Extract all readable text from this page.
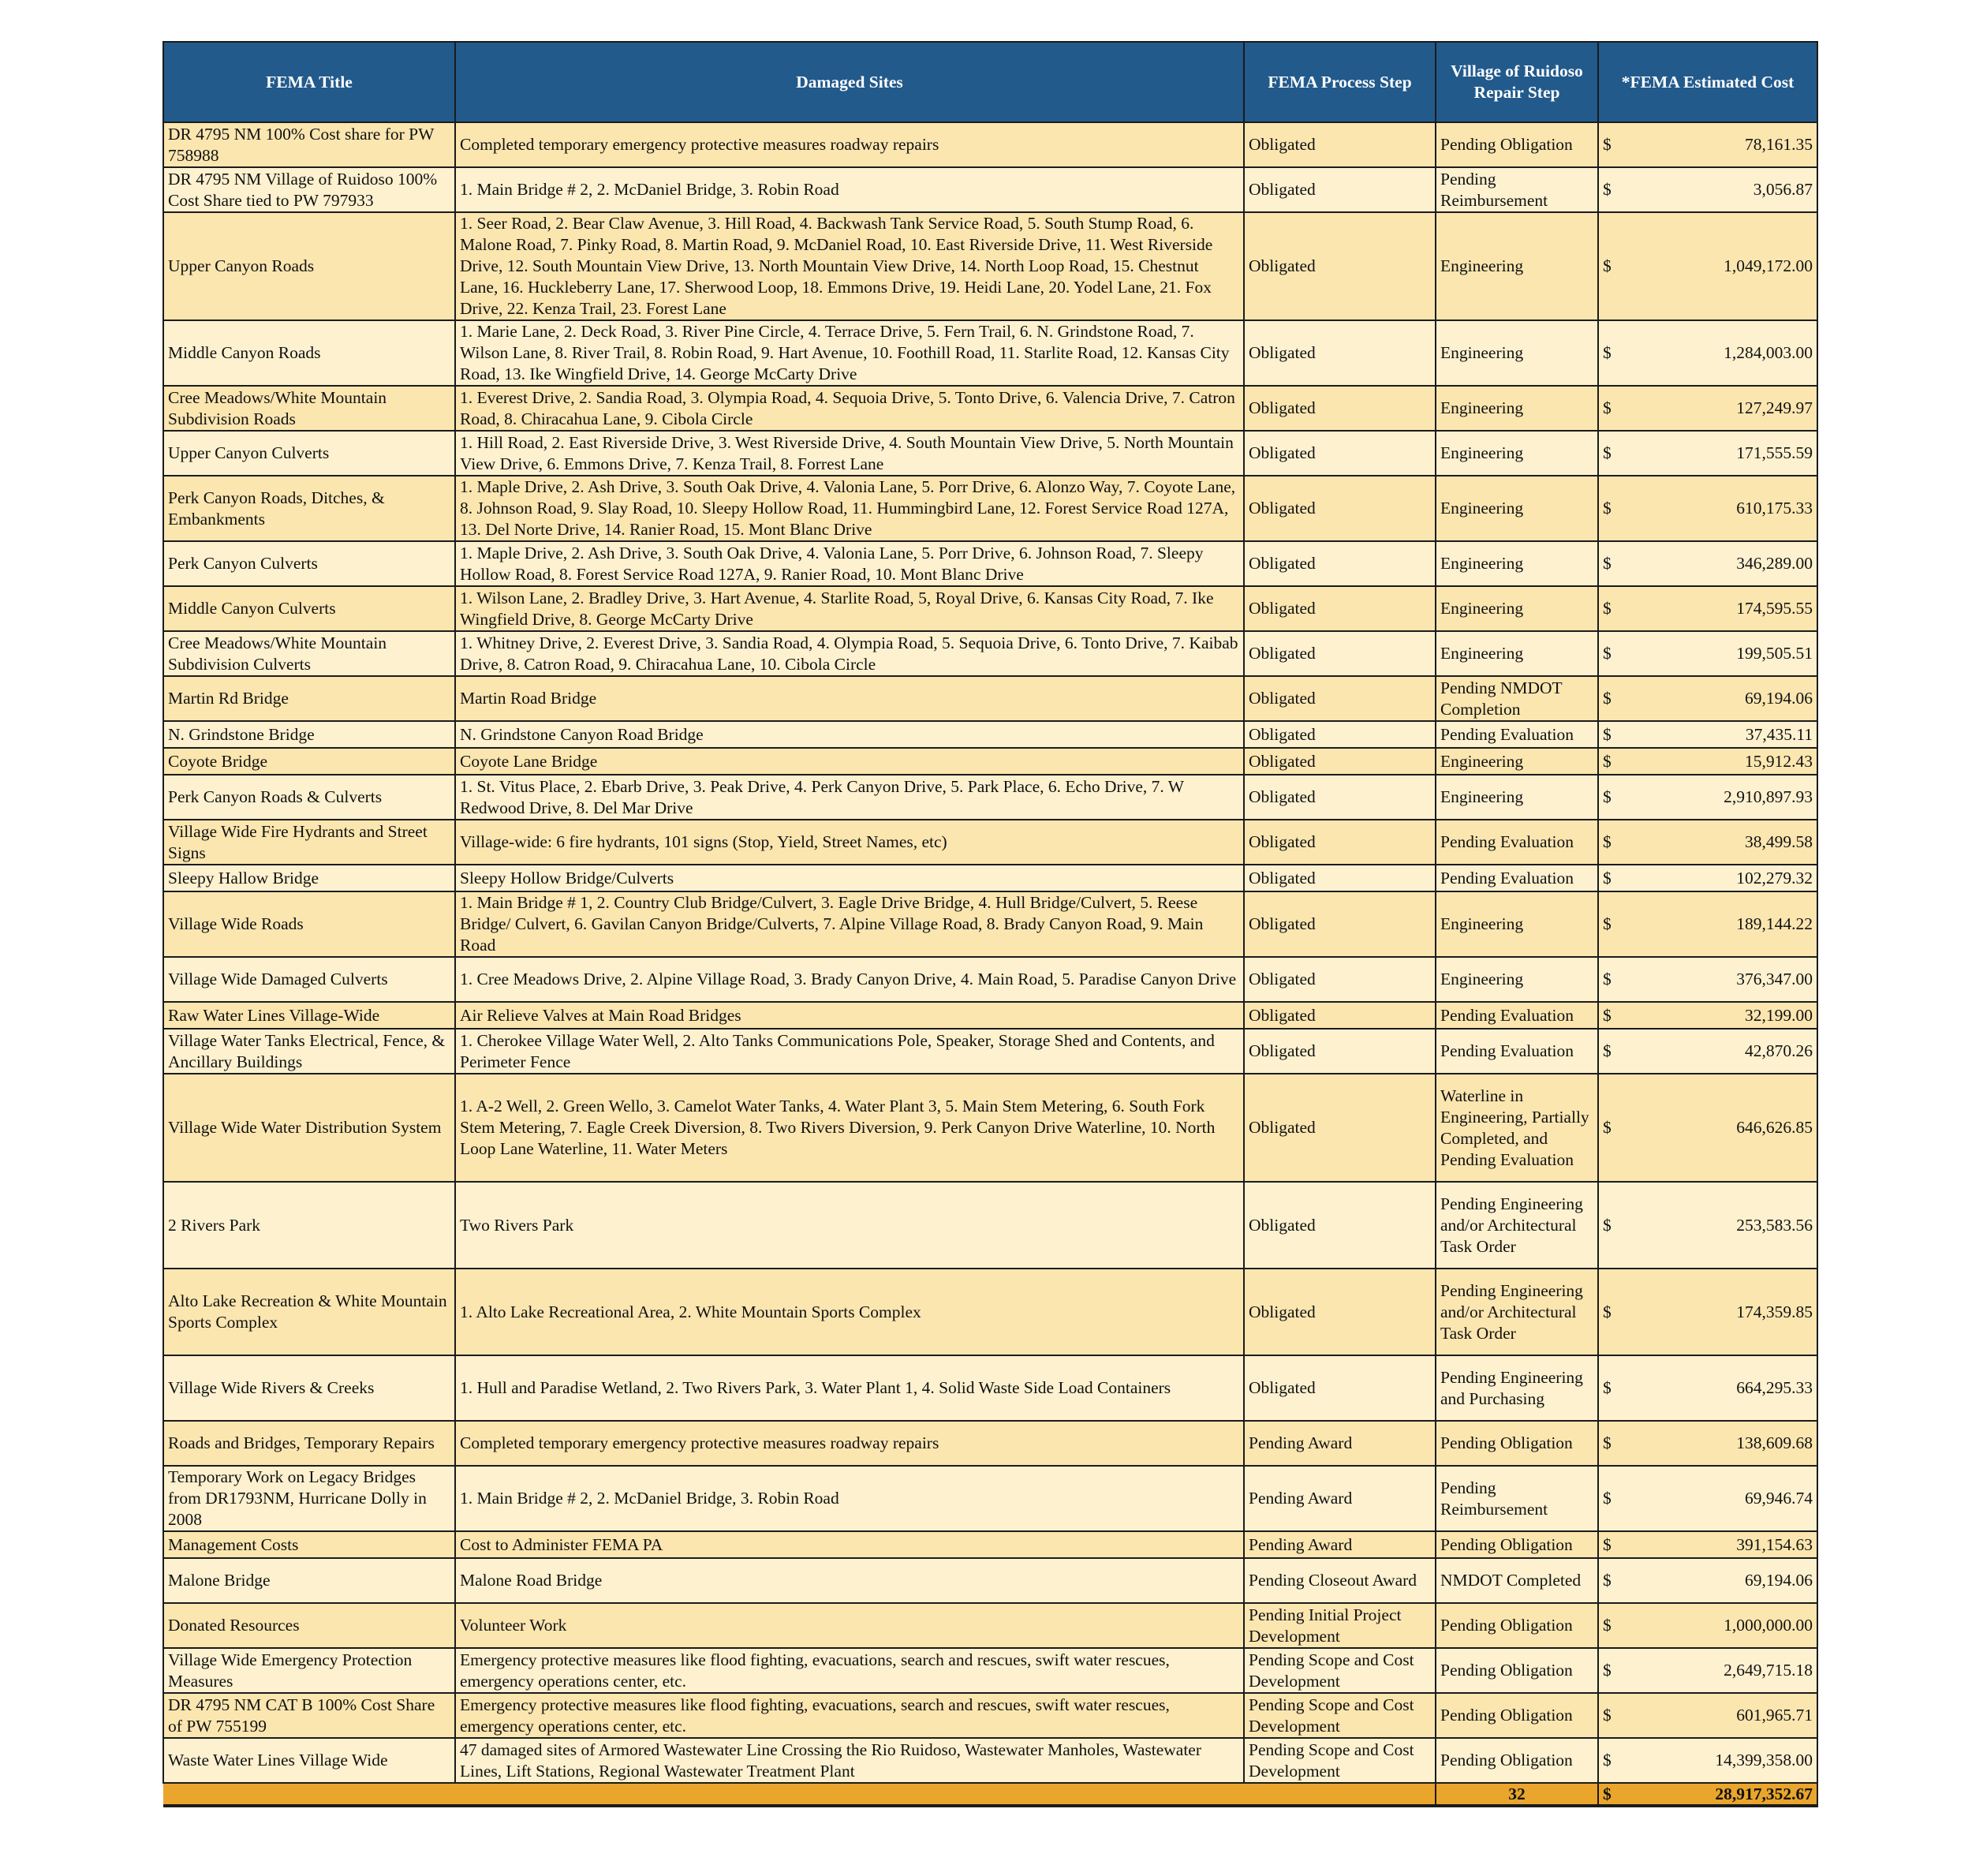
FEMA Title	Damaged Sites	FEMA Process Step	Village of Ruidoso Repair Step	*FEMA Estimated Cost	
DR 4795 NM 100% Cost share for PW 758988	Completed temporary emergency protective measures roadway repairs	Obligated	Pending Obligation	$	78,161.35
DR 4795 NM Village of Ruidoso 100% Cost Share tied to PW 797933	1. Main Bridge # 2, 2. McDaniel Bridge, 3. Robin Road	Obligated	Pending Reimbursement	$	3,056.87
Upper Canyon Roads	1. Seer Road, 2. Bear Claw Avenue, 3. Hill Road, 4. Backwash Tank Service Road, 5. South Stump Road, 6. Malone Road, 7. Pinky Road, 8. Martin Road, 9. McDaniel Road, 10. East Riverside Drive, 11. West Riverside Drive, 12. South Mountain View Drive, 13. North Mountain View Drive, 14. North Loop Road, 15. Chestnut Lane, 16. Huckleberry Lane, 17. Sherwood Loop, 18. Emmons Drive, 19. Heidi Lane, 20. Yodel Lane, 21. Fox Drive, 22. Kenza Trail, 23. Forest Lane	Obligated	Engineering	$	1,049,172.00
Middle Canyon Roads	1. Marie Lane, 2. Deck Road, 3. River Pine Circle, 4. Terrace Drive, 5. Fern Trail, 6. N. Grindstone Road, 7. Wilson Lane, 8. River Trail, 8. Robin Road, 9. Hart Avenue, 10. Foothill Road, 11. Starlite Road, 12. Kansas City Road, 13. Ike Wingfield Drive, 14. George McCarty Drive	Obligated	Engineering	$	1,284,003.00
Cree Meadows/White Mountain Subdivision Roads	1. Everest Drive, 2. Sandia Road, 3. Olympia Road, 4. Sequoia Drive, 5. Tonto Drive, 6. Valencia Drive, 7. Catron Road, 8. Chiracahua Lane, 9. Cibola Circle	Obligated	Engineering	$	127,249.97
Upper Canyon Culverts	1. Hill Road, 2. East Riverside Drive, 3. West Riverside Drive, 4. South Mountain View Drive, 5. North Mountain View Drive, 6. Emmons Drive, 7. Kenza Trail, 8. Forrest Lane	Obligated	Engineering	$	171,555.59
Perk Canyon Roads, Ditches, & Embankments	1. Maple Drive, 2. Ash Drive, 3. South Oak Drive, 4. Valonia Lane, 5. Porr Drive, 6. Alonzo Way, 7. Coyote Lane, 8. Johnson Road, 9. Slay Road, 10. Sleepy Hollow Road, 11. Hummingbird Lane, 12. Forest Service Road 127A, 13. Del Norte Drive, 14. Ranier Road, 15. Mont Blanc Drive	Obligated	Engineering	$	610,175.33
Perk Canyon Culverts	1. Maple Drive, 2. Ash Drive, 3. South Oak Drive, 4. Valonia Lane, 5. Porr Drive, 6. Johnson Road, 7. Sleepy Hollow Road, 8. Forest Service Road 127A, 9. Ranier Road, 10. Mont Blanc Drive	Obligated	Engineering	$	346,289.00
Middle Canyon Culverts	1. Wilson Lane, 2. Bradley Drive, 3. Hart Avenue, 4. Starlite Road, 5, Royal Drive, 6. Kansas City Road, 7. Ike Wingfield Drive, 8. George McCarty Drive	Obligated	Engineering	$	174,595.55
Cree Meadows/White Mountain Subdivision Culverts	1. Whitney Drive, 2. Everest Drive, 3. Sandia Road, 4. Olympia Road, 5. Sequoia Drive, 6. Tonto Drive, 7. Kaibab Drive, 8. Catron Road, 9. Chiracahua Lane, 10. Cibola Circle	Obligated	Engineering	$	199,505.51
Martin Rd Bridge	Martin Road Bridge	Obligated	Pending NMDOT Completion	$	69,194.06
N. Grindstone Bridge	N. Grindstone Canyon Road Bridge	Obligated	Pending Evaluation	$	37,435.11
Coyote Bridge	Coyote Lane Bridge	Obligated	Engineering	$	15,912.43
Perk Canyon Roads & Culverts	1. St. Vitus Place, 2. Ebarb Drive, 3. Peak Drive, 4. Perk Canyon Drive, 5. Park Place, 6. Echo Drive, 7. W Redwood Drive, 8. Del Mar Drive	Obligated	Engineering	$	2,910,897.93
Village Wide Fire Hydrants and Street Signs	Village-wide: 6 fire hydrants, 101 signs (Stop, Yield, Street Names, etc)	Obligated	Pending Evaluation	$	38,499.58
Sleepy Hallow Bridge	Sleepy Hollow Bridge/Culverts	Obligated	Pending Evaluation	$	102,279.32
Village Wide Roads	1. Main Bridge # 1, 2. Country Club Bridge/Culvert, 3. Eagle Drive Bridge, 4. Hull Bridge/Culvert, 5. Reese Bridge/ Culvert, 6. Gavilan Canyon Bridge/Culverts, 7. Alpine Village Road, 8. Brady Canyon Road, 9. Main Road	Obligated	Engineering	$	189,144.22
Village Wide Damaged Culverts	1. Cree Meadows Drive, 2. Alpine Village Road, 3. Brady Canyon Drive, 4. Main Road, 5. Paradise Canyon Drive	Obligated	Engineering	$	376,347.00
Raw Water Lines Village-Wide	Air Relieve Valves at Main Road Bridges	Obligated	Pending Evaluation	$	32,199.00
Village Water Tanks Electrical, Fence, & Ancillary Buildings	1. Cherokee Village Water Well, 2. Alto Tanks Communications Pole, Speaker, Storage Shed and Contents, and Perimeter Fence	Obligated	Pending Evaluation	$	42,870.26
Village Wide Water Distribution System	1. A-2 Well, 2. Green Wello, 3. Camelot Water Tanks, 4. Water Plant 3, 5. Main Stem Metering, 6. South Fork Stem Metering, 7. Eagle Creek Diversion, 8. Two Rivers Diversion, 9. Perk Canyon Drive Waterline, 10. North Loop Lane Waterline, 11. Water Meters	Obligated	Waterline in Engineering, Partially Completed, and Pending Evaluation	$	646,626.85
2 Rivers Park	Two Rivers Park	Obligated	Pending Engineering and/or Architectural Task Order	$	253,583.56
Alto Lake Recreation & White Mountain Sports Complex	1. Alto Lake Recreational Area, 2. White Mountain Sports Complex	Obligated	Pending Engineering and/or Architectural Task Order	$	174,359.85
Village Wide Rivers & Creeks	1. Hull and Paradise Wetland, 2. Two Rivers Park, 3. Water Plant 1, 4. Solid Waste Side Load Containers	Obligated	Pending Engineering and Purchasing	$	664,295.33
Roads and Bridges, Temporary Repairs	Completed temporary emergency protective measures roadway repairs	Pending Award	Pending Obligation	$	138,609.68
Temporary Work on Legacy Bridges from DR1793NM, Hurricane Dolly in 2008	1. Main Bridge # 2, 2. McDaniel Bridge, 3. Robin Road	Pending Award	Pending Reimbursement	$	69,946.74
Management Costs	Cost to Administer FEMA PA	Pending Award	Pending Obligation	$	391,154.63
Malone Bridge	Malone Road Bridge	Pending Closeout Award	NMDOT Completed	$	69,194.06
Donated Resources	Volunteer Work	Pending Initial Project Development	Pending Obligation	$	1,000,000.00
Village Wide Emergency Protection Measures	Emergency protective measures like flood fighting, evacuations, search and rescues, swift water rescues, emergency operations center, etc.	Pending Scope and Cost Development	Pending Obligation	$	2,649,715.18
DR 4795 NM CAT B 100% Cost Share of PW 755199	Emergency protective measures like flood fighting, evacuations, search and rescues, swift water rescues, emergency operations center, etc.	Pending Scope and Cost Development	Pending Obligation	$	601,965.71
Waste Water Lines Village Wide	47 damaged sites of Armored Wastewater Line Crossing the Rio Ruidoso, Wastewater Manholes, Wastewater Lines, Lift Stations, Regional Wastewater Treatment Plant	Pending Scope and Cost Development	Pending Obligation	$	14,399,358.00
			32	$	28,917,352.67
